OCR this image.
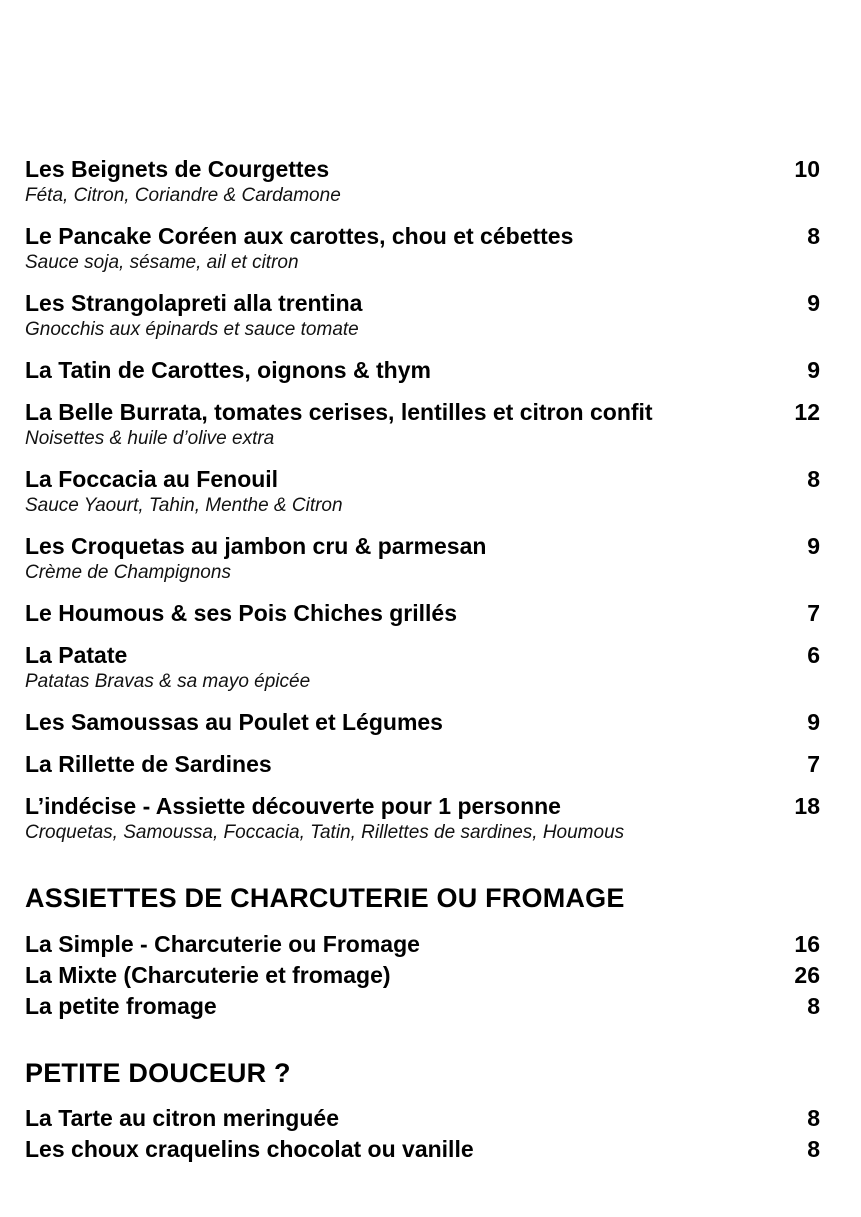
Les Beignets de Courgettes	10
Féta, Citron, Coriandre & Cardamone
Le Pancake Coréen aux carottes, chou et cébettes	8
Sauce soja, sésame, ail et citron
Les Strangolapreti alla trentina	9
Gnocchis aux épinards et sauce tomate
La Tatin de Carottes, oignons & thym	9
La Belle Burrata, tomates cerises, lentilles et citron confit	12
Noisettes & huile d’olive extra
La Foccacia au Fenouil	8
Sauce Yaourt, Tahin, Menthe & Citron
Les Croquetas au jambon cru & parmesan	9
Crème de Champignons
Le Houmous & ses Pois Chiches grillés	7
La Patate	6
Patatas Bravas & sa mayo épicée
Les Samoussas au Poulet et Légumes	9
La Rillette de Sardines	7
L’indécise - Assiette découverte pour 1 personne	18
Croquetas, Samoussa, Foccacia, Tatin, Rillettes de sardines, Houmous
ASSIETTES DE CHARCUTERIE OU FROMAGE
La Simple - Charcuterie ou Fromage	16
La Mixte (Charcuterie et fromage)	26
La petite fromage	8
PETITE DOUCEUR ?
La Tarte au citron meringuée	8
Les choux craquelins chocolat ou vanille	8
